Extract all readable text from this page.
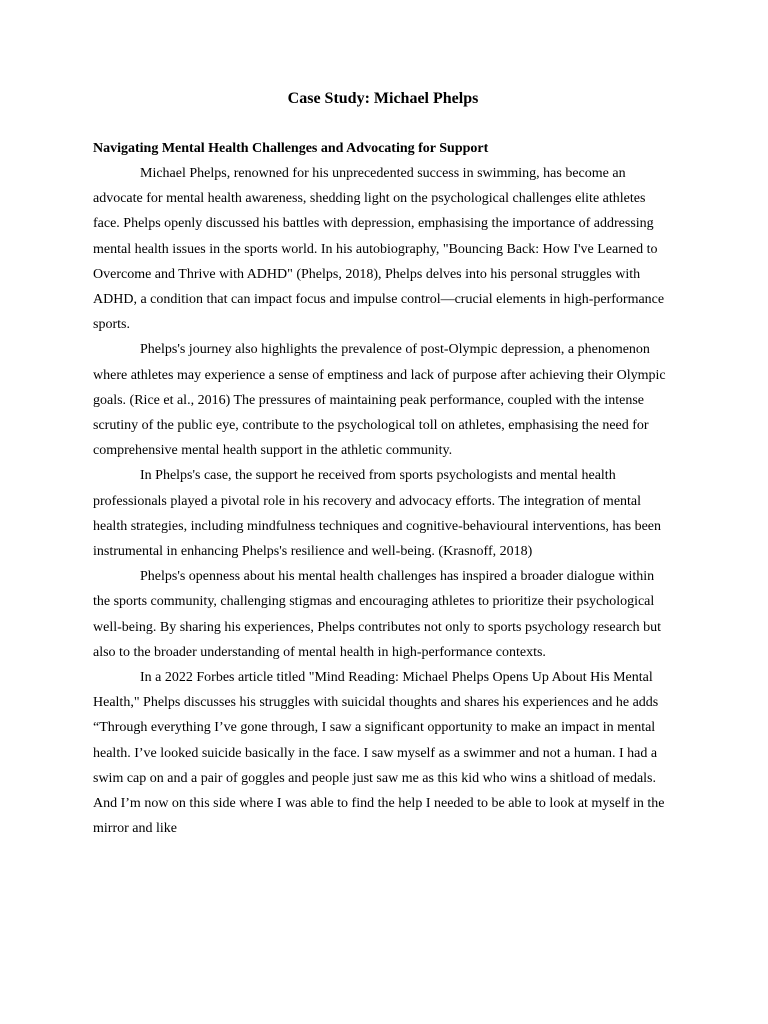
Case Study: Michael Phelps

Navigating Mental Health Challenges and Advocating for Support

Michael Phelps, renowned for his unprecedented success in swimming, has become an advocate for mental health awareness, shedding light on the psychological challenges elite athletes face. Phelps openly discussed his battles with depression, emphasising the importance of addressing mental health issues in the sports world. In his autobiography, "Bouncing Back: How I've Learned to Overcome and Thrive with ADHD" (Phelps, 2018), Phelps delves into his personal struggles with ADHD, a condition that can impact focus and impulse control—crucial elements in high-performance sports.

Phelps's journey also highlights the prevalence of post-Olympic depression, a phenomenon where athletes may experience a sense of emptiness and lack of purpose after achieving their Olympic goals. (Rice et al., 2016) The pressures of maintaining peak performance, coupled with the intense scrutiny of the public eye, contribute to the psychological toll on athletes, emphasising the need for comprehensive mental health support in the athletic community.

In Phelps's case, the support he received from sports psychologists and mental health professionals played a pivotal role in his recovery and advocacy efforts. The integration of mental health strategies, including mindfulness techniques and cognitive-behavioural interventions, has been instrumental in enhancing Phelps's resilience and well-being. (Krasnoff, 2018)

Phelps's openness about his mental health challenges has inspired a broader dialogue within the sports community, challenging stigmas and encouraging athletes to prioritize their psychological well-being. By sharing his experiences, Phelps contributes not only to sports psychology research but also to the broader understanding of mental health in high-performance contexts.

In a 2022 Forbes article titled "Mind Reading: Michael Phelps Opens Up About His Mental Health," Phelps discusses his struggles with suicidal thoughts and shares his experiences and he adds “Through everything I’ve gone through, I saw a significant opportunity to make an impact in mental health. I’ve looked suicide basically in the face. I saw myself as a swimmer and not a human. I had a swim cap on and a pair of goggles and people just saw me as this kid who wins a shitload of medals. And I’m now on this side where I was able to find the help I needed to be able to look at myself in the mirror and like
